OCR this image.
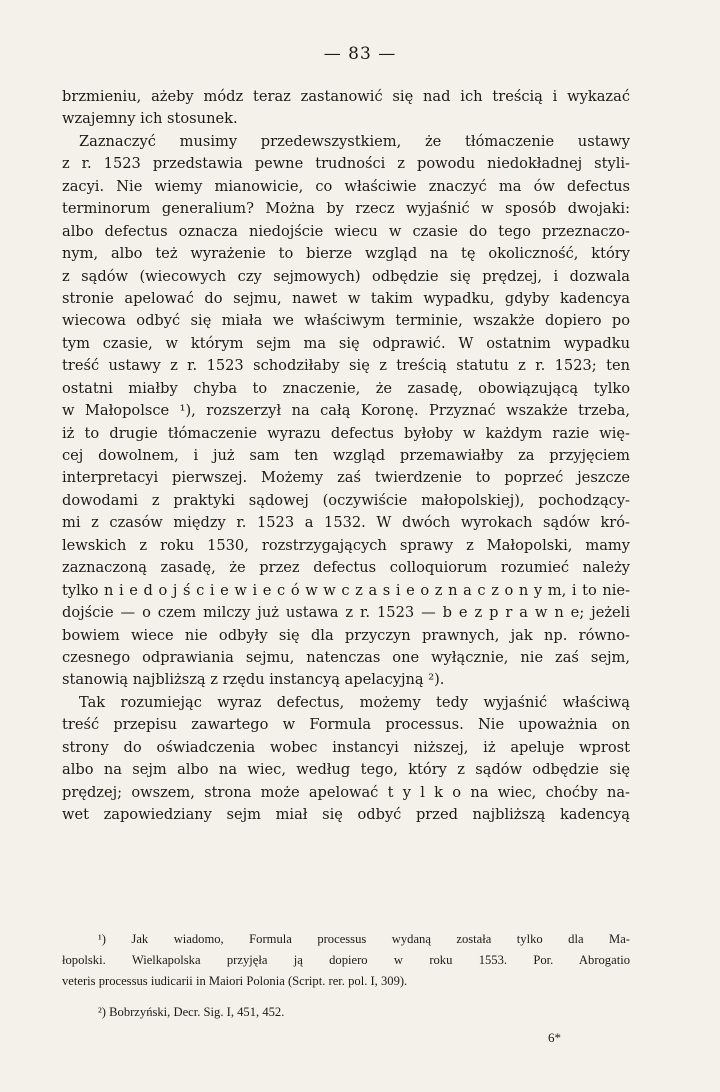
— 83 —
brzmieniu, ażeby módz teraz zastanowić się nad ich treścią i wykazać
wzajemny ich stosunek.
Zaznaczyć musimy przedewszystkiem, że tłómaczenie ustawy
z r. 1523 przedstawia pewne trudności z powodu niedokładnej styli-
zacyi. Nie wiemy mianowicie, co właściwie znaczyć ma ów defectus
terminorum generalium? Można by rzecz wyjaśnić w sposób dwojaki:
albo defectus oznacza niedojście wiecu w czasie do tego przeznaczo-
nym, albo też wyrażenie to bierze wzgląd na tę okoliczność, który
z sądów (wiecowych czy sejmowych) odbędzie się prędzej, i dozwala
stronie apelować do sejmu, nawet w takim wypadku, gdyby kadencya
wiecowa odbyć się miała we właściwym terminie, wszakże dopiero po
tym czasie, w którym sejm ma się odprawić. W ostatnim wypadku
treść ustawy z r. 1523 schodziłaby się z treścią statutu z r. 1523; ten
ostatni miałby chyba to znaczenie, że zasadę, obowiązującą tylko
w Małopolsce ¹), rozszerzył na całą Koronę. Przyznać wszakże trzeba,
iż to drugie tłómaczenie wyrazu defectus byłoby w każdym razie wię-
cej dowolnem, i już sam ten wzgląd przemawiałby za przyjęciem
interpretacyi pierwszej. Możemy zaś twierdzenie to poprzeć jeszcze
dowodami z praktyki sądowej (oczywiście małopolskiej), pochodzący-
mi z czasów między r. 1523 a 1532. W dwóch wyrokach sądów kró-
lewskich z roku 1530, rozstrzygających sprawy z Małopolski, mamy
zaznaczoną zasadę, że przez defectus colloquiorum rozumieć należy
tylko n i e d o j ś c i e w i e c ó w w c z a s i e o z n a c z o n y m, i to nie-
dojście — o czem milczy już ustawa z r. 1523 — b e z p r a w n e; jeżeli
bowiem wiece nie odbyły się dla przyczyn prawnych, jak np. równo-
czesnego odprawiania sejmu, natenczas one wyłącznie, nie zaś sejm,
stanowią najbliższą z rzędu instancyą apelacyjną ²).
Tak rozumiejąc wyraz defectus, możemy tedy wyjaśnić właściwą
treść przepisu zawartego w Formula processus. Nie upoważnia on
strony do oświadczenia wobec instancyi niższej, iż apeluje wprost
albo na sejm albo na wiec, według tego, który z sądów odbędzie się
prędzej; owszem, strona może apelować t y l k o na wiec, choćby na-
wet zapowiedziany sejm miał się odbyć przed najbliższą kadencyą
¹) Jak wiadomo, Formula processus wydaną została tylko dla Ma-
łopolski. Wielkapolska przyjęła ją dopiero w roku 1553. Por. Abrogatio
veteris processus iudicarii in Maiori Polonia (Script. rer. pol. I, 309).
²) Bobrzyński, Decr. Sig. I, 451, 452.
6*
